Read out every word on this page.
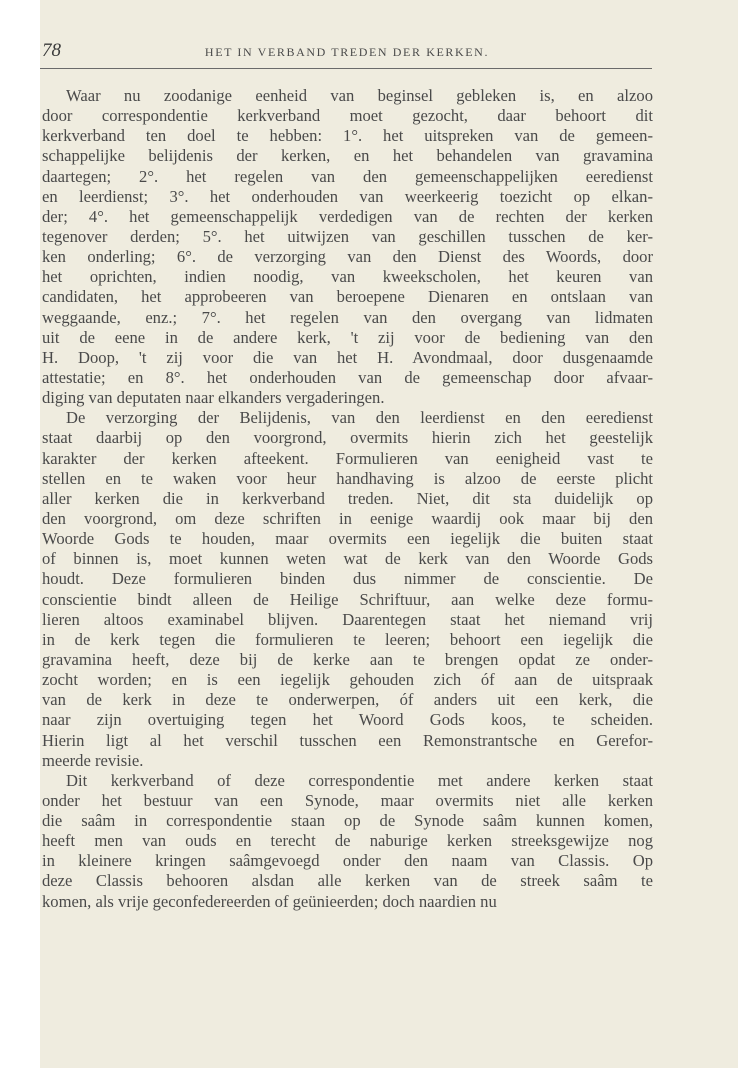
78	HET IN VERBAND TREDEN DER KERKEN.
Waar nu zoodanige eenheid van beginsel gebleken is, en alzoo
door correspondentie kerkverband moet gezocht, daar behoort dit
kerkverband ten doel te hebben: 1°. het uitspreken van de gemeen-
schappelijke belijdenis der kerken, en het behandelen van gravamina
daartegen; 2°. het regelen van den gemeenschappelijken eeredienst
en leerdienst; 3°. het onderhouden van weerkeerig toezicht op elkan-
der; 4°. het gemeenschappelijk verdedigen van de rechten der kerken
tegenover derden; 5°. het uitwijzen van geschillen tusschen de ker-
ken onderling; 6°. de verzorging van den Dienst des Woords, door
het oprichten, indien noodig, van kweekscholen, het keuren van
candidaten, het approbeeren van beroepene Dienaren en ontslaan van
weggaande, enz.; 7°. het regelen van den overgang van lidmaten
uit de eene in de andere kerk, 't zij voor de bediening van den
H. Doop, 't zij voor die van het H. Avondmaal, door dusgenaamde
attestatie; en 8°. het onderhouden van de gemeenschap door afvaar-
diging van deputaten naar elkanders vergaderingen.
De verzorging der Belijdenis, van den leerdienst en den eeredienst
staat daarbij op den voorgrond, overmits hierin zich het geestelijk
karakter der kerken afteekent. Formulieren van eenigheid vast te
stellen en te waken voor heur handhaving is alzoo de eerste plicht
aller kerken die in kerkverband treden. Niet, dit sta duidelijk op
den voorgrond, om deze schriften in eenige waardij ook maar bij den
Woorde Gods te houden, maar overmits een iegelijk die buiten staat
of binnen is, moet kunnen weten wat de kerk van den Woorde Gods
houdt. Deze formulieren binden dus nimmer de conscientie. De
conscientie bindt alleen de Heilige Schriftuur, aan welke deze formu-
lieren altoos examinabel blijven. Daarentegen staat het niemand vrij
in de kerk tegen die formulieren te leeren; behoort een iegelijk die
gravamina heeft, deze bij de kerke aan te brengen opdat ze onder-
zocht worden; en is een iegelijk gehouden zich óf aan de uitspraak
van de kerk in deze te onderwerpen, óf anders uit een kerk, die
naar zijn overtuiging tegen het Woord Gods koos, te scheiden.
Hierin ligt al het verschil tusschen een Remonstrantsche en Gerefor-
meerde revisie.
Dit kerkverband of deze correspondentie met andere kerken staat
onder het bestuur van een Synode, maar overmits niet alle kerken
die saâm in correspondentie staan op de Synode saâm kunnen komen,
heeft men van ouds en terecht de naburige kerken streeksgewijze nog
in kleinere kringen saâmgevoegd onder den naam van Classis. Op
deze Classis behooren alsdan alle kerken van de streek saâm te
komen, als vrije geconfedereerden of geünieerden; doch naardien nu
